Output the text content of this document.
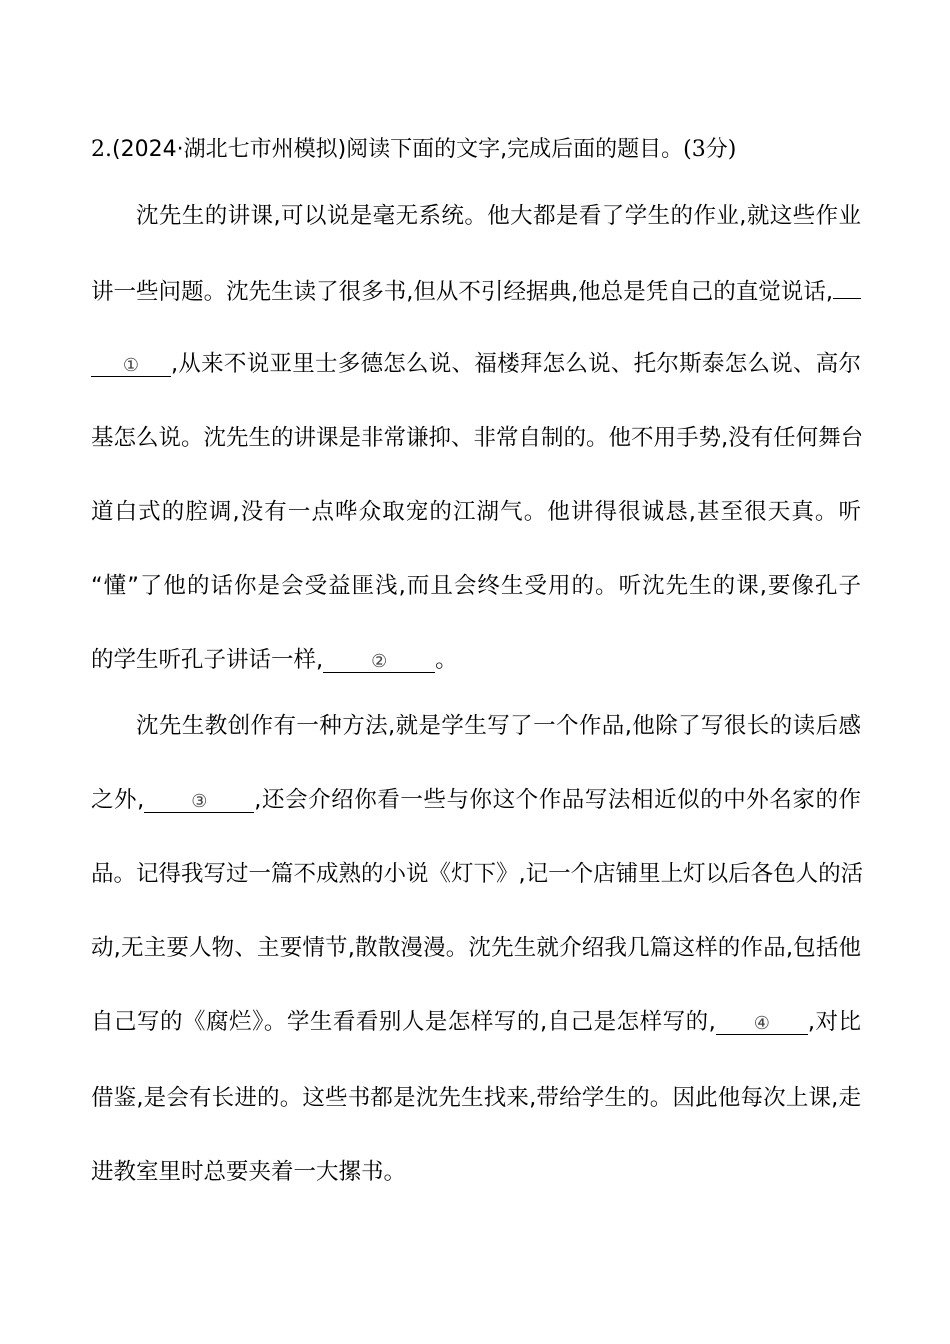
2.(2024·湖北七市州模拟)阅读下面的文字,完成后面的题目。(3分)
沈先生的讲课,可以说是毫无系统。他大都是看了学生的作业,就这些作业
讲一些问题。沈先生读了很多书,但从不引经据典,他总是凭自己的直觉说话,
① ,从来不说亚里士多德怎么说、福楼拜怎么说、托尔斯泰怎么说、高尔
基怎么说。沈先生的讲课是非常谦抑、非常自制的。他不用手势,没有任何舞台
道白式的腔调,没有一点哗众取宠的江湖气。他讲得很诚恳,甚至很天真。听
“懂”了他的话你是会受益匪浅,而且会终生受用的。听沈先生的课,要像孔子
的学生听孔子讲话一样,	② 。
沈先生教创作有一种方法,就是学生写了一个作品,他除了写很长的读后感
之外,	③ ,还会介绍你看一些与你这个作品写法相近似的中外名家的作
品。记得我写过一篇不成熟的小说《灯下》,记一个店铺里上灯以后各色人的活
动,无主要人物、主要情节,散散漫漫。沈先生就介绍我几篇这样的作品,包括他
自己写的《腐烂》。学生看看别人是怎样写的,自己是怎样写的, ④ ,对比
借鉴,是会有长进的。这些书都是沈先生找来,带给学生的。因此他每次上课,走
进教室里时总要夹着一大摞书。
